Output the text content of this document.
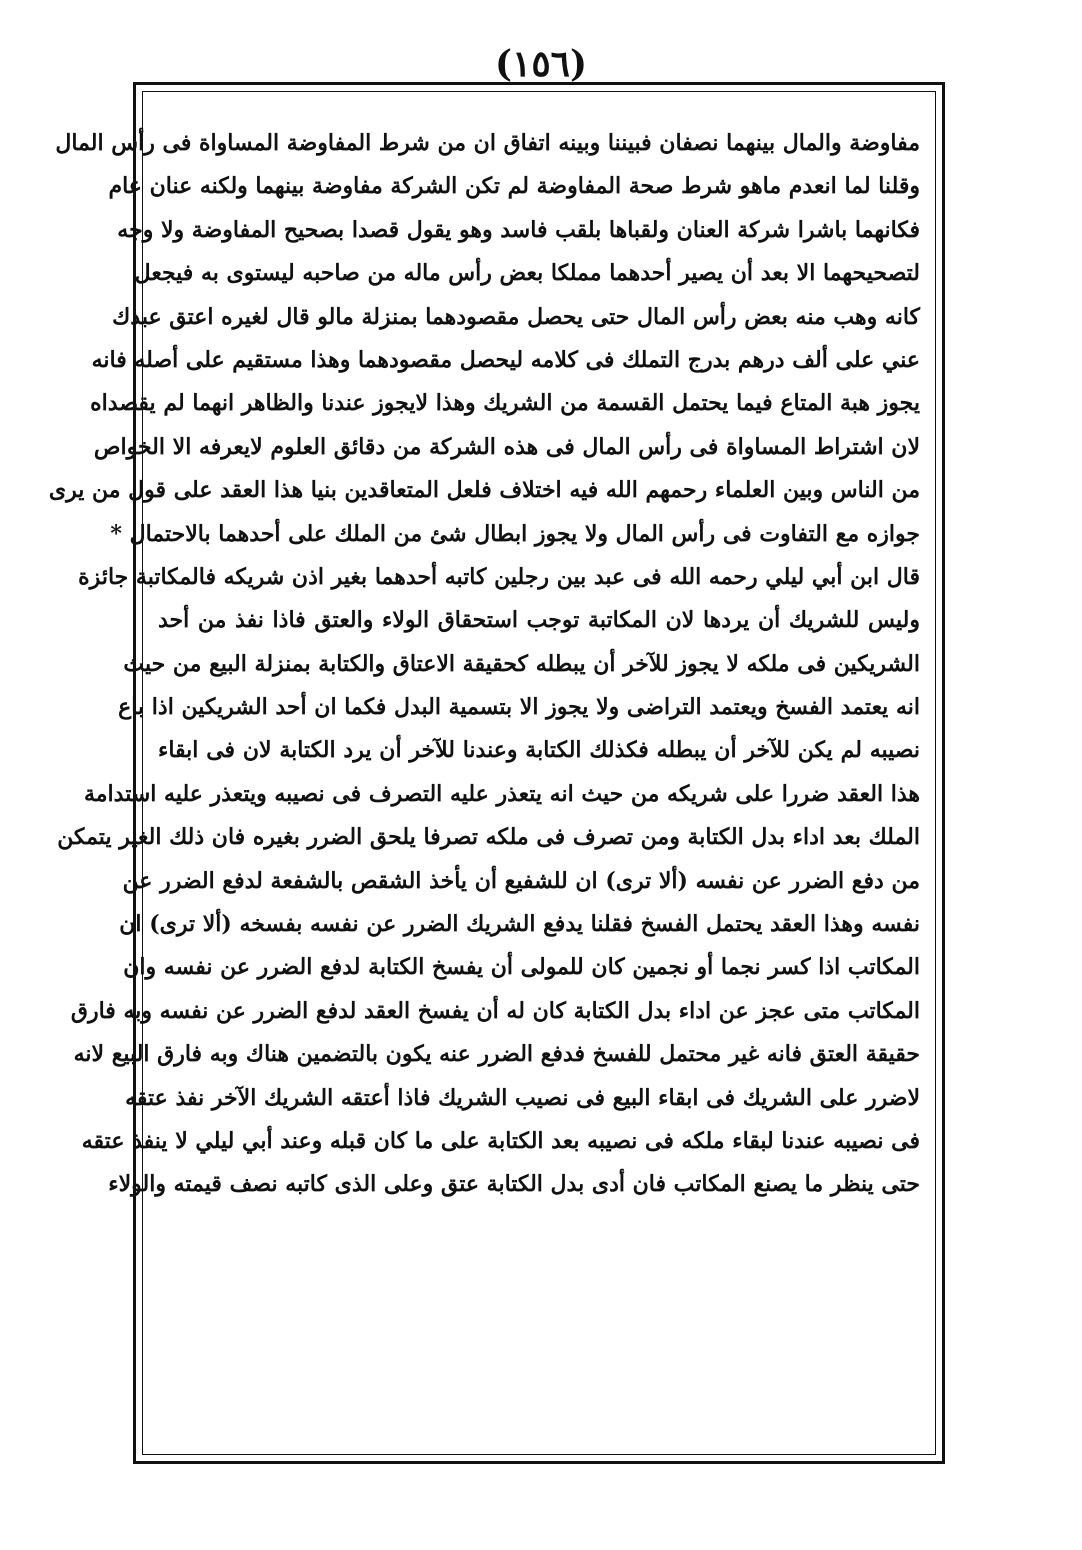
(١٥٦)
مفاوضة والمال بينهما نصفان فبيننا وبينه اتفاق ان من شرط المفاوضة المساواة فى رأس المال
وقلنا لما انعدم ماهو شرط صحة المفاوضة لم تكن الشركة مفاوضة بينهما ولكنه عنان عام
فكانهما باشرا شركة العنان ولقباها بلقب فاسد وهو يقول قصدا بصحيح المفاوضة ولا وجه
لتصحيحهما الا بعد أن يصير أحدهما مملكا بعض رأس ماله من صاحبه ليستوى به فيجعل
كانه وهب منه بعض رأس المال حتى يحصل مقصودهما بمنزلة مالو قال لغيره اعتق عبدك
عني على ألف درهم بدرج التملك فى كلامه ليحصل مقصودهما وهذا مستقيم على أصله فانه
يجوز هبة المتاع فيما يحتمل القسمة من الشريك وهذا لايجوز عندنا والظاهر انهما لم يقصداه
لان اشتراط المساواة فى رأس المال فى هذه الشركة من دقائق العلوم لايعرفه الا الخواص
من الناس وبين العلماء رحمهم الله فيه اختلاف فلعل المتعاقدين بنيا هذا العقد على قول من يرى
جوازه مع التفاوت فى رأس المال ولا يجوز ابطال شئ من الملك على أحدهما بالاحتمال *
قال ابن أبي ليلي رحمه الله فى عبد بين رجلين كاتبه أحدهما بغير اذن شريكه فالمكاتبة جائزة
وليس للشريك أن يردها لان المكاتبة توجب استحقاق الولاء والعتق فاذا نفذ من أحد
الشريكين فى ملكه لا يجوز للآخر أن يبطله كحقيقة الاعتاق والكتابة بمنزلة البيع من حيث
انه يعتمد الفسخ ويعتمد التراضى ولا يجوز الا بتسمية البدل فكما ان أحد الشريكين اذا باع
نصيبه لم يكن للآخر أن يبطله فكذلك الكتابة وعندنا للآخر أن يرد الكتابة لان فى ابقاء
هذا العقد ضررا على شريكه من حيث انه يتعذر عليه التصرف فى نصيبه ويتعذر عليه استدامة
الملك بعد اداء بدل الكتابة ومن تصرف فى ملكه تصرفا يلحق الضرر بغيره فان ذلك الغير يتمكن
من دفع الضرر عن نفسه (ألا ترى) ان للشفيع أن يأخذ الشقص بالشفعة لدفع الضرر عن
نفسه وهذا العقد يحتمل الفسخ فقلنا يدفع الشريك الضرر عن نفسه بفسخه (ألا ترى) ان
المكاتب اذا كسر نجما أو نجمين كان للمولى أن يفسخ الكتابة لدفع الضرر عن نفسه وان
المكاتب متى عجز عن اداء بدل الكتابة كان له أن يفسخ العقد لدفع الضرر عن نفسه وبه فارق
حقيقة العتق فانه غير محتمل للفسخ فدفع الضرر عنه يكون بالتضمين هناك وبه فارق البيع لانه
لاضرر على الشريك فى ابقاء البيع فى نصيب الشريك فاذا أعتقه الشريك الآخر نفذ عتقه
فى نصيبه عندنا لبقاء ملكه فى نصيبه بعد الكتابة على ما كان قبله وعند أبي ليلي لا ينفذ عتقه
حتى ينظر ما يصنع المكاتب فان أدى بدل الكتابة عتق وعلى الذى كاتبه نصف قيمته والولاء
